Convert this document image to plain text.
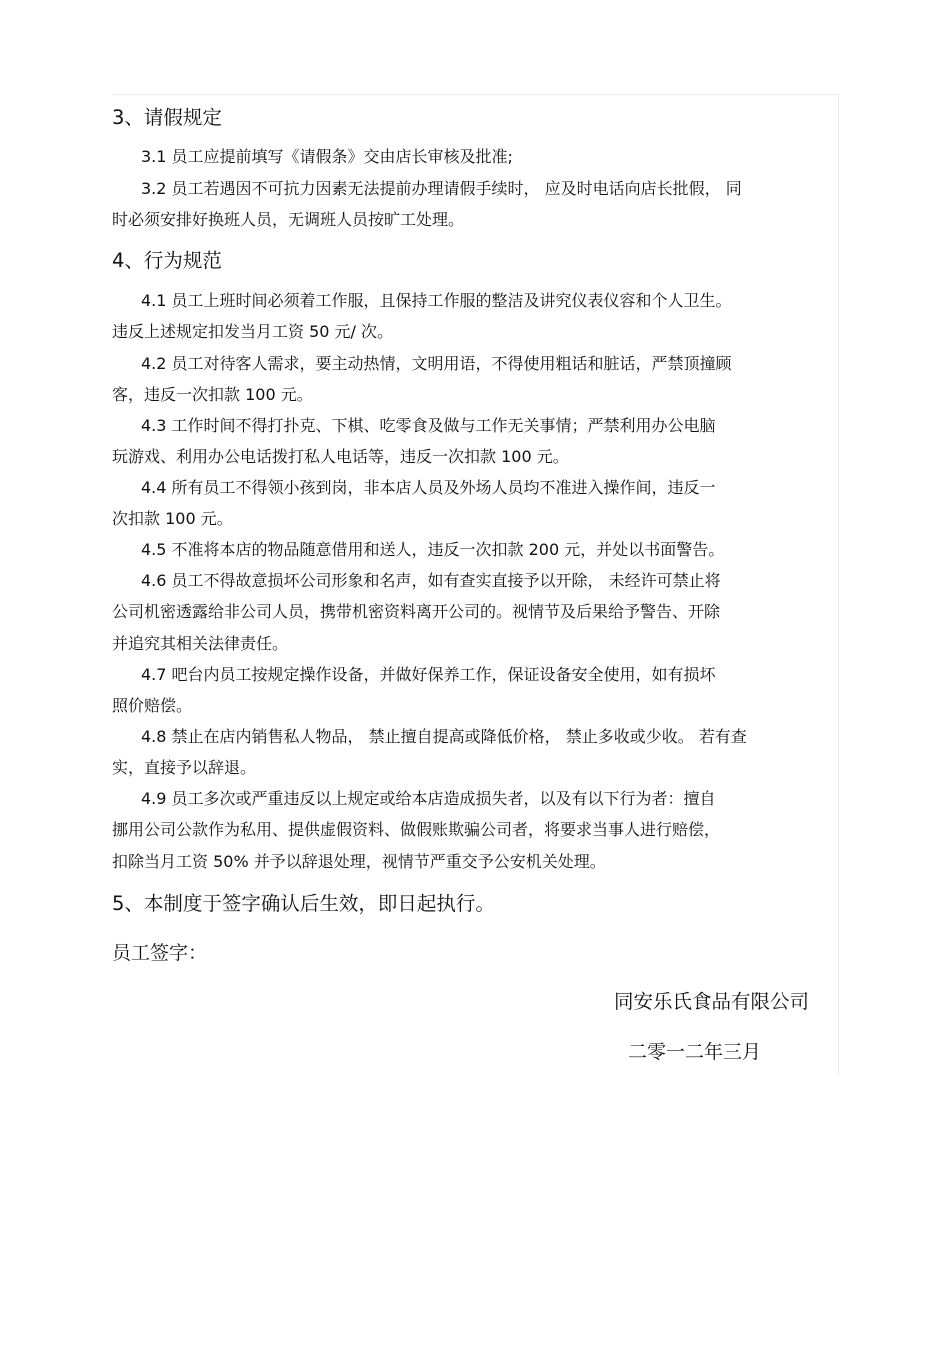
3、请假规定
3.1 员工应提前填写《请假条》交由店长审核及批准;
3.2 员工若遇因不可抗力因素无法提前办理请假手续时， 应及时电话向店长批假， 同
时必须安排好换班人员，无调班人员按旷工处理。
4、行为规范
4.1 员工上班时间必须着工作服，且保持工作服的整洁及讲究仪表仪容和个人卫生。
违反上述规定扣发当月工资 50 元/ 次。
4.2 员工对待客人需求，要主动热情，文明用语，不得使用粗话和脏话，严禁顶撞顾
客，违反一次扣款 100 元。
4.3 工作时间不得打扑克、下棋、吃零食及做与工作无关事情；严禁利用办公电脑
玩游戏、利用办公电话拨打私人电话等，违反一次扣款 100 元。
4.4 所有员工不得领小孩到岗，非本店人员及外场人员均不准进入操作间，违反一
次扣款 100 元。
4.5 不准将本店的物品随意借用和送人，违反一次扣款 200 元，并处以书面警告。
4.6 员工不得故意损坏公司形象和名声，如有查实直接予以开除， 未经许可禁止将
公司机密透露给非公司人员，携带机密资料离开公司的。视情节及后果给予警告、开除
并追究其相关法律责任。
4.7 吧台内员工按规定操作设备，并做好保养工作，保证设备安全使用，如有损坏
照价赔偿。
4.8 禁止在店内销售私人物品， 禁止擅自提高或降低价格， 禁止多收或少收。 若有查
实，直接予以辞退。
4.9 员工多次或严重违反以上规定或给本店造成损失者，以及有以下行为者：擅自
挪用公司公款作为私用、提供虚假资料、做假账欺骗公司者，将要求当事人进行赔偿，
扣除当月工资 50% 并予以辞退处理，视情节严重交予公安机关处理。
5、本制度于签字确认后生效，即日起执行。
员工签字：
同安乐氏食品有限公司
二零一二年三月
